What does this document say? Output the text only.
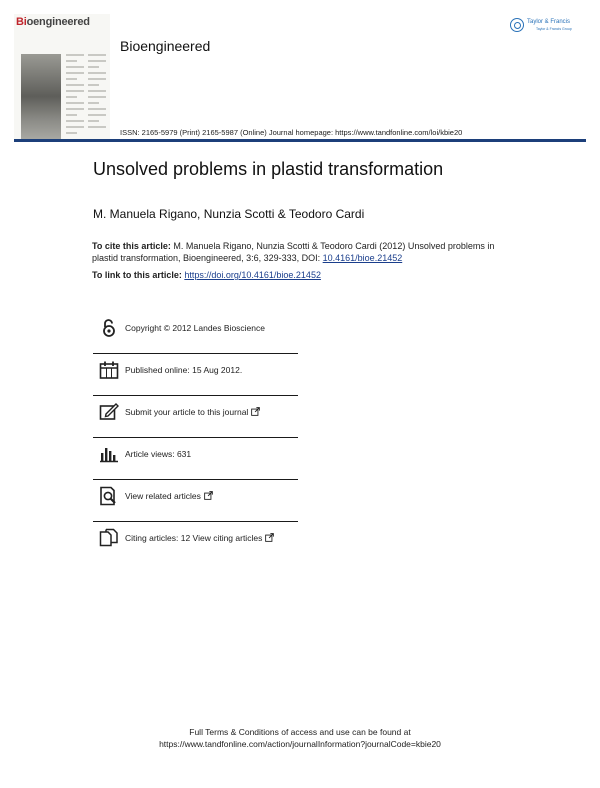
Bioengineered
Bioengineered
Taylor & Francis
Taylor & Francis Group
ISSN: 2165-5979 (Print) 2165-5987 (Online) Journal homepage: https://www.tandfonline.com/loi/kbie20
Unsolved problems in plastid transformation
M. Manuela Rigano, Nunzia Scotti & Teodoro Cardi
To cite this article: M. Manuela Rigano, Nunzia Scotti & Teodoro Cardi (2012) Unsolved problems in plastid transformation, Bioengineered, 3:6, 329-333, DOI: 10.4161/bioe.21452
To link to this article: https://doi.org/10.4161/bioe.21452
Copyright © 2012 Landes Bioscience
Published online: 15 Aug 2012.
Submit your article to this journal
Article views: 631
View related articles
Citing articles: 12 View citing articles
Full Terms & Conditions of access and use can be found at
https://www.tandfonline.com/action/journalInformation?journalCode=kbie20
